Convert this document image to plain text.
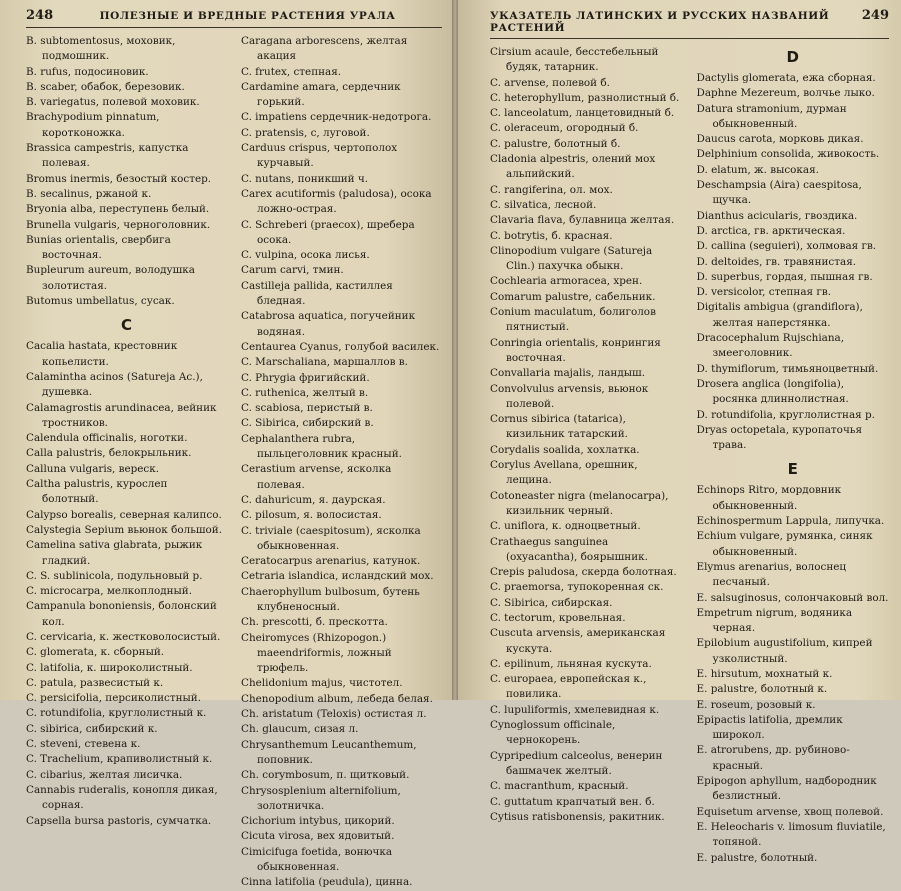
248	ПОЛЕЗНЫЕ И ВРЕДНЫЕ РАСТЕНИЯ УРАЛА
B. subtomentosus, моховик, подмошник.
B. rufus, подосиновик.
B. scaber, обабок, березовик.
B. variegatus, полевой моховик.
Brachypodium pinnatum, коротконожка.
Brassica campestris, капустка полевая.
Bromus inermis, безостый костер.
B. secalinus, ржаной к.
Bryonia alba, переступень белый.
Brunella vulgaris, черноголовник.
Bunias orientalis, свербига восточная.
Bupleurum aureum, володушка золотистая.
Butomus umbellatus, сусак.
C
Cacalia hastata, крестовник копьелисти.
Calamintha acinos (Satureja Ac.), душевка.
Calamagrostis arundinacea, вейник тростников.
Calendula officinalis, ноготки.
Calla palustris, белокрыльник.
Calluna vulgaris, вереск.
Caltha palustris, курослеп болотный.
Calypso borealis, северная калипсо.
Calystegia Sepium вьюнок большой.
Camelina sativa glabrata, рыжик гладкий.
C. S. sublinicola, подульновый р.
C. microcarpa, мелкоплодный.
Campanula bononiensis, болонский кол.
C. cervicaria, к. жестковолосистый.
C. glomerata, к. сборный.
C. latifolia, к. широколистный.
C. patula, развесистый к.
C. persicifolia, персиколистный.
C. rotundifolia, круглолистный к.
C. sibirica, сибирский к.
C. steveni, стевена к.
C. Trachelium, крапиволистный к.
C. cibarius, желтая лисичка.
Cannabis ruderalis, конопля дикая, сорная.
Capsella bursa pastoris, сумчатка.
Caragana arborescens, желтая акация
C. frutex, степная.
Cardamine amara, сердечник горький.
C. impatiens сердечник-недотрога.
C. pratensis, с, луговой.
Carduus crispus, чертополох курчавый.
C. nutans, поникший ч.
Carex acutiformis (paludosa), осока ложно-острая.
C. Schreberi (praecox), шребера осока.
C. vulpina, осока лисья.
Carum carvi, тмин.
Castilleja pallida, кастиллея бледная.
Catabrosa aquatica, погучейник водяная.
Centaurea Cyanus, голубой василек.
C. Marschaliana, маршаллов в.
C. Phrygia фригийский.
C. ruthenica, желтый в.
C. scabiosa, перистый в.
C. Sibirica, сибирский в.
Cephalanthera rubra, пыльцеголовник красный.
Cerastium arvense, ясколка полевая.
C. dahuricum, я. даурская.
C. pilosum, я. волосистая.
C. triviale (caespitosum), ясколка обыкновенная.
Ceratocarpus arenarius, катунок.
Cetraria islandica, исландский мох.
Chaerophyllum bulbosum, бутень клубненосный.
Ch. prescotti, б. прескотта.
Cheiromyces (Rhizopogon.) maeendriformis, ложный трюфель.
Chelidonium majus, чистотел.
Chenopodium album, лебеда белая.
Ch. aristatum (Teloxis) остистая л.
Ch. glaucum, сизая л.
Chrysanthemum Leucanthemum, поповник.
Ch. corymbosum, п. щитковый.
Chrysosplenium alternifolium, золотничка.
Cichorium intybus, цикорий.
Cicuta virosa, вех ядовитый.
Cimicifuga foetida, вонючка обыкновенная.
Cinna latifolia (peudula), цинна.
УКАЗАТЕЛЬ ЛАТИНСКИХ И РУССКИХ НАЗВАНИЙ РАСТЕНИЙ
249
Cirsium acaule, бесстебельный будяк, татарник.
C. arvense, полевой б.
C. heterophyllum, разнолистный б.
C. lanceolatum, ланцетовидный б.
C. oleraceum, огородный б.
C. palustre, болотный б.
Cladonia alpestris, олений мох альпийский.
C. rangiferina, ол. мох.
C. silvatica, лесной.
Clavaria flava, булавница желтая.
C. botrytis, б. красная.
Clinopodium vulgare (Satureja Clin.) пахучка обыкн.
Cochlearia armoracea, хрен.
Comarum palustre, сабельник.
Conium maculatum, болиголов пятнистый.
Conringia orientalis, конрингия восточная.
Convallaria majalis, ландыш.
Convolvulus arvensis, вьюнок полевой.
Cornus sibirica (tatarica), кизильник татарский.
Corydalis soalida, хохлатка.
Corylus Avellana, орешник, лещина.
Cotoneaster nigra (melanocarpa), кизильник черный.
C. uniflora, к. одноцветный.
Crathaegus sanguinea (oxyacantha), боярышник.
Crepis paludosa, скерда болотная.
C. praemorsa, тупокоренная ск.
C. Sibirica, сибирская.
C. tectorum, кровельная.
Cuscuta arvensis, американская кускута.
C. epilinum, льняная кускута.
C. europaea, европейская к., повилика.
C. lupuliformis, хмелевидная к.
Cynoglossum officinale, чернокорень.
Cypripedium calceolus, венерин башмачек желтый.
C. macranthum, красный.
C. guttatum крапчатый вен. б.
Cytisus ratisbonensis, ракитник.
D
Dactylis glomerata, ежа сборная.
Daphne Mezereum, волчье лыко.
Datura stramonium, дурман обыкновенный.
Daucus carota, морковь дикая.
Delphinium consolida, живокость.
D. elatum, ж. высокая.
Deschampsia (Aira) caespitosa, щучка.
Dianthus acicularis, гвоздика.
D. arctica, гв. арктическая.
D. callina (seguieri), холмовая гв.
D. deltoides, гв. травянистая.
D. superbus, гордая, пышная гв.
D. versicolor, степная гв.
Digitalis ambigua (grandiflora), желтая наперстянка.
Dracocephalum Rujschiana, змееголовник.
D. thymiflorum, тимьяноцветный.
Drosera anglica (longifolia), росянка длиннолистная.
D. rotundifolia, круглолистная р.
Dryas octopetala, куропаточья трава.
E
Echinops Ritro, мордовник обыкновенный.
Echinospermum Lappula, липучка.
Echium vulgare, румянка, синяк обыкновенный.
Elymus arenarius, волоснец песчаный.
E. salsuginosus, солончаковый вол.
Empetrum nigrum, водяника черная.
Epilobium augustifolium, кипрей узколистный.
E. hirsutum, мохнатый к.
E. palustre, болотный к.
E. roseum, розовый к.
Epipactis latifolia, дремлик широкол.
E. atrorubens, др. рубиново-красный.
Epipogon aphyllum, надбородник безлистный.
Equisetum arvense, хвощ полевой.
E. Heleocharis v. limosum fluviatile, топяной.
E. palustre, болотный.
